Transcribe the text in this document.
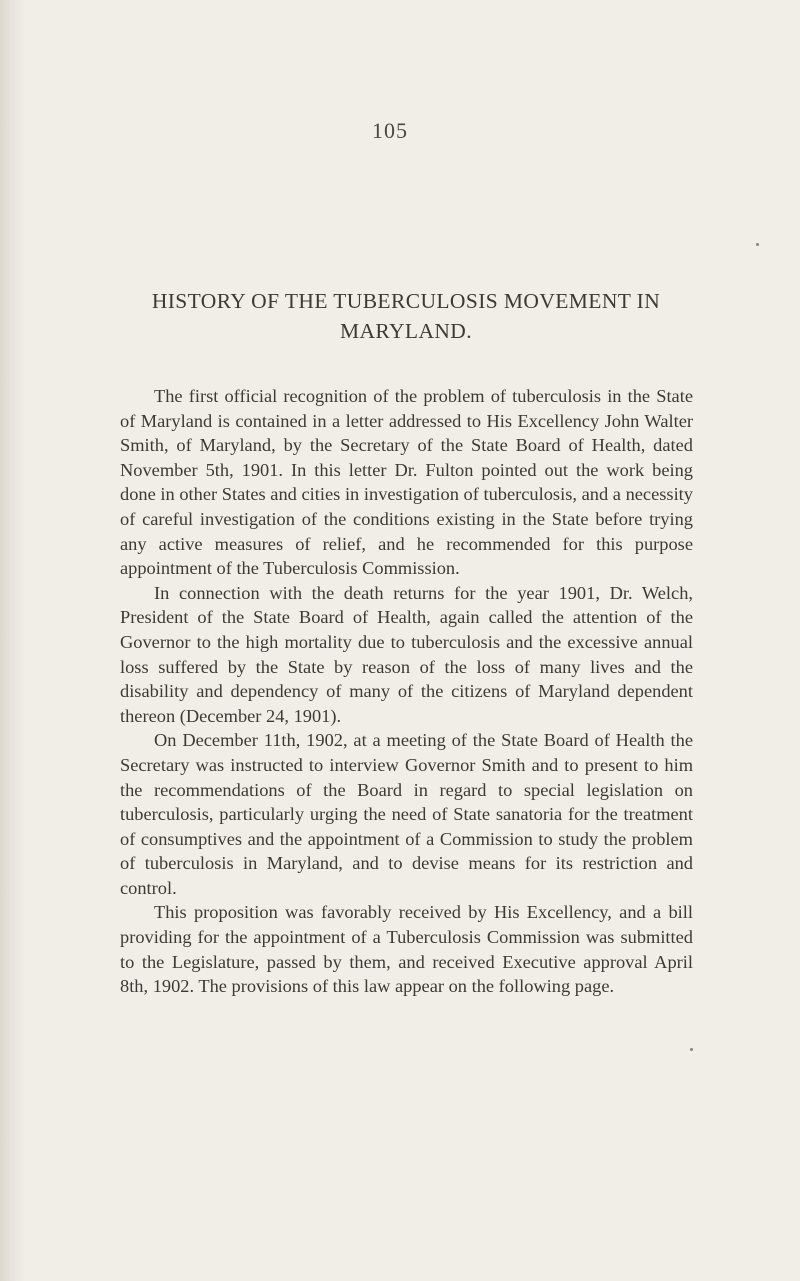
105
HISTORY OF THE TUBERCULOSIS MOVEMENT IN
MARYLAND.

The first official recognition of the problem of tuberculosis in the State of Maryland is contained in a letter addressed to His Excellency John Walter Smith, of Maryland, by the Secretary of the State Board of Health, dated November 5th, 1901. In this letter Dr. Fulton pointed out the work being done in other States and cities in investigation of tuberculosis, and a necessity of careful investigation of the conditions existing in the State before trying any active measures of relief, and he recommended for this purpose appointment of the Tuberculosis Commission.

In connection with the death returns for the year 1901, Dr. Welch, President of the State Board of Health, again called the attention of the Governor to the high mortality due to tuberculosis and the excessive annual loss suffered by the State by reason of the loss of many lives and the disability and dependency of many of the citizens of Maryland dependent thereon (December 24, 1901).

On December 11th, 1902, at a meeting of the State Board of Health the Secretary was instructed to interview Governor Smith and to present to him the recommendations of the Board in regard to special legislation on tuberculosis, particularly urging the need of State sanatoria for the treatment of consumptives and the appointment of a Commission to study the problem of tuberculosis in Maryland, and to devise means for its restriction and control.

This proposition was favorably received by His Excellency, and a bill providing for the appointment of a Tuberculosis Commission was submitted to the Legislature, passed by them, and received Executive approval April 8th, 1902. The provisions of this law appear on the following page.
